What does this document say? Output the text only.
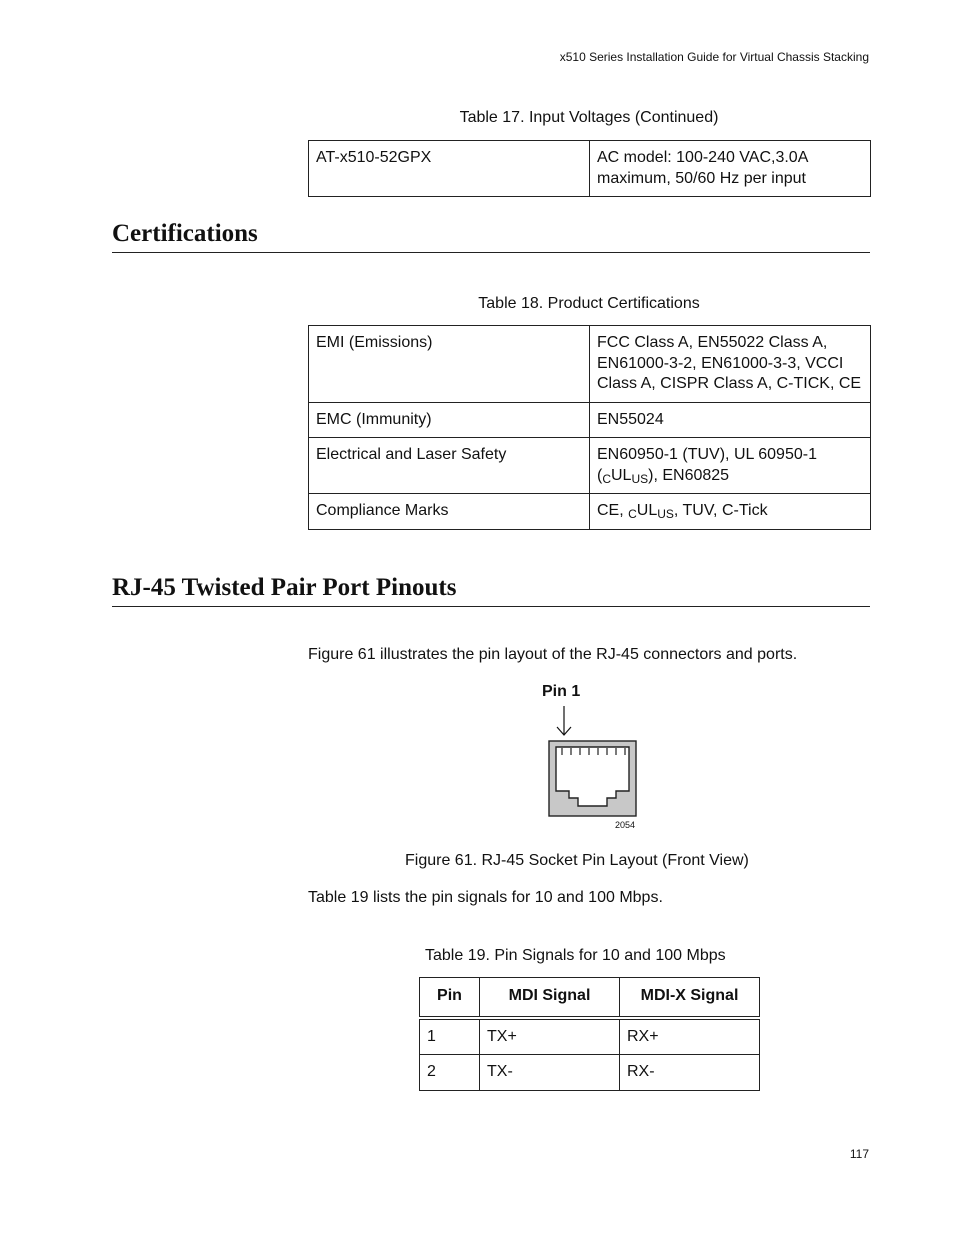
x510 Series Installation Guide for Virtual Chassis Stacking
Table 17. Input Voltages (Continued)
AT-x510-52GPX	AC model: 100-240 VAC,3.0A maximum, 50/60 Hz per input
Certifications
Table 18. Product Certifications
EMI (Emissions)	FCC Class A, EN55022 Class A, EN61000-3-2, EN61000-3-3, VCCI Class A, CISPR Class A, C-TICK, CE
EMC (Immunity)	EN55024
Electrical and Laser Safety	EN60950-1 (TUV), UL 60950-1 $(_CUL_{US})$, EN60825
Compliance Marks	CE, $_CUL_{US}$, TUV, C-Tick
RJ-45 Twisted Pair Port Pinouts
Figure 61 illustrates the pin layout of the RJ-45 connectors and ports.
Pin 1
2054
Figure 61. RJ-45 Socket Pin Layout (Front View)
Table 19 lists the pin signals for 10 and 100 Mbps.
Table 19. Pin Signals for 10 and 100 Mbps
Pin	MDI Signal	MDI-X Signal
1	TX+	RX+
2	TX-	RX-
117
